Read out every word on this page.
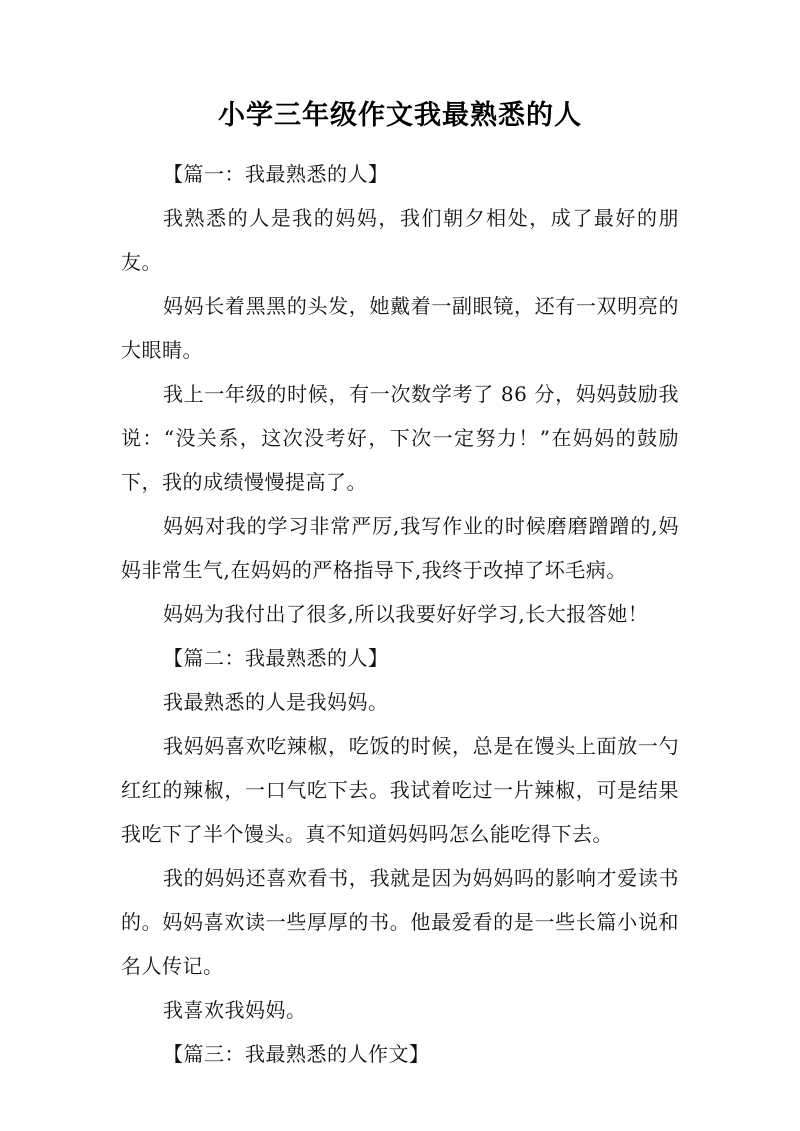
小学三年级作文我最熟悉的人

【篇一：我最熟悉的人】

我熟悉的人是我的妈妈，我们朝夕相处，成了最好的朋友。

妈妈长着黑黑的头发，她戴着一副眼镜，还有一双明亮的大眼睛。

我上一年级的时候，有一次数学考了 86 分，妈妈鼓励我说：“没关系，这次没考好，下次一定努力！”在妈妈的鼓励下，我的成绩慢慢提高了。

妈妈对我的学习非常严厉,我写作业的时候磨磨蹭蹭的,妈妈非常生气,在妈妈的严格指导下,我终于改掉了坏毛病。

妈妈为我付出了很多,所以我要好好学习,长大报答她！

【篇二：我最熟悉的人】

我最熟悉的人是我妈妈。

我妈妈喜欢吃辣椒，吃饭的时候，总是在馒头上面放一勺红红的辣椒，一口气吃下去。我试着吃过一片辣椒，可是结果我吃下了半个馒头。真不知道妈妈吗怎么能吃得下去。

我的妈妈还喜欢看书，我就是因为妈妈吗的影响才爱读书的。妈妈喜欢读一些厚厚的书。他最爱看的是一些长篇小说和名人传记。

我喜欢我妈妈。

【篇三：我最熟悉的人作文】
